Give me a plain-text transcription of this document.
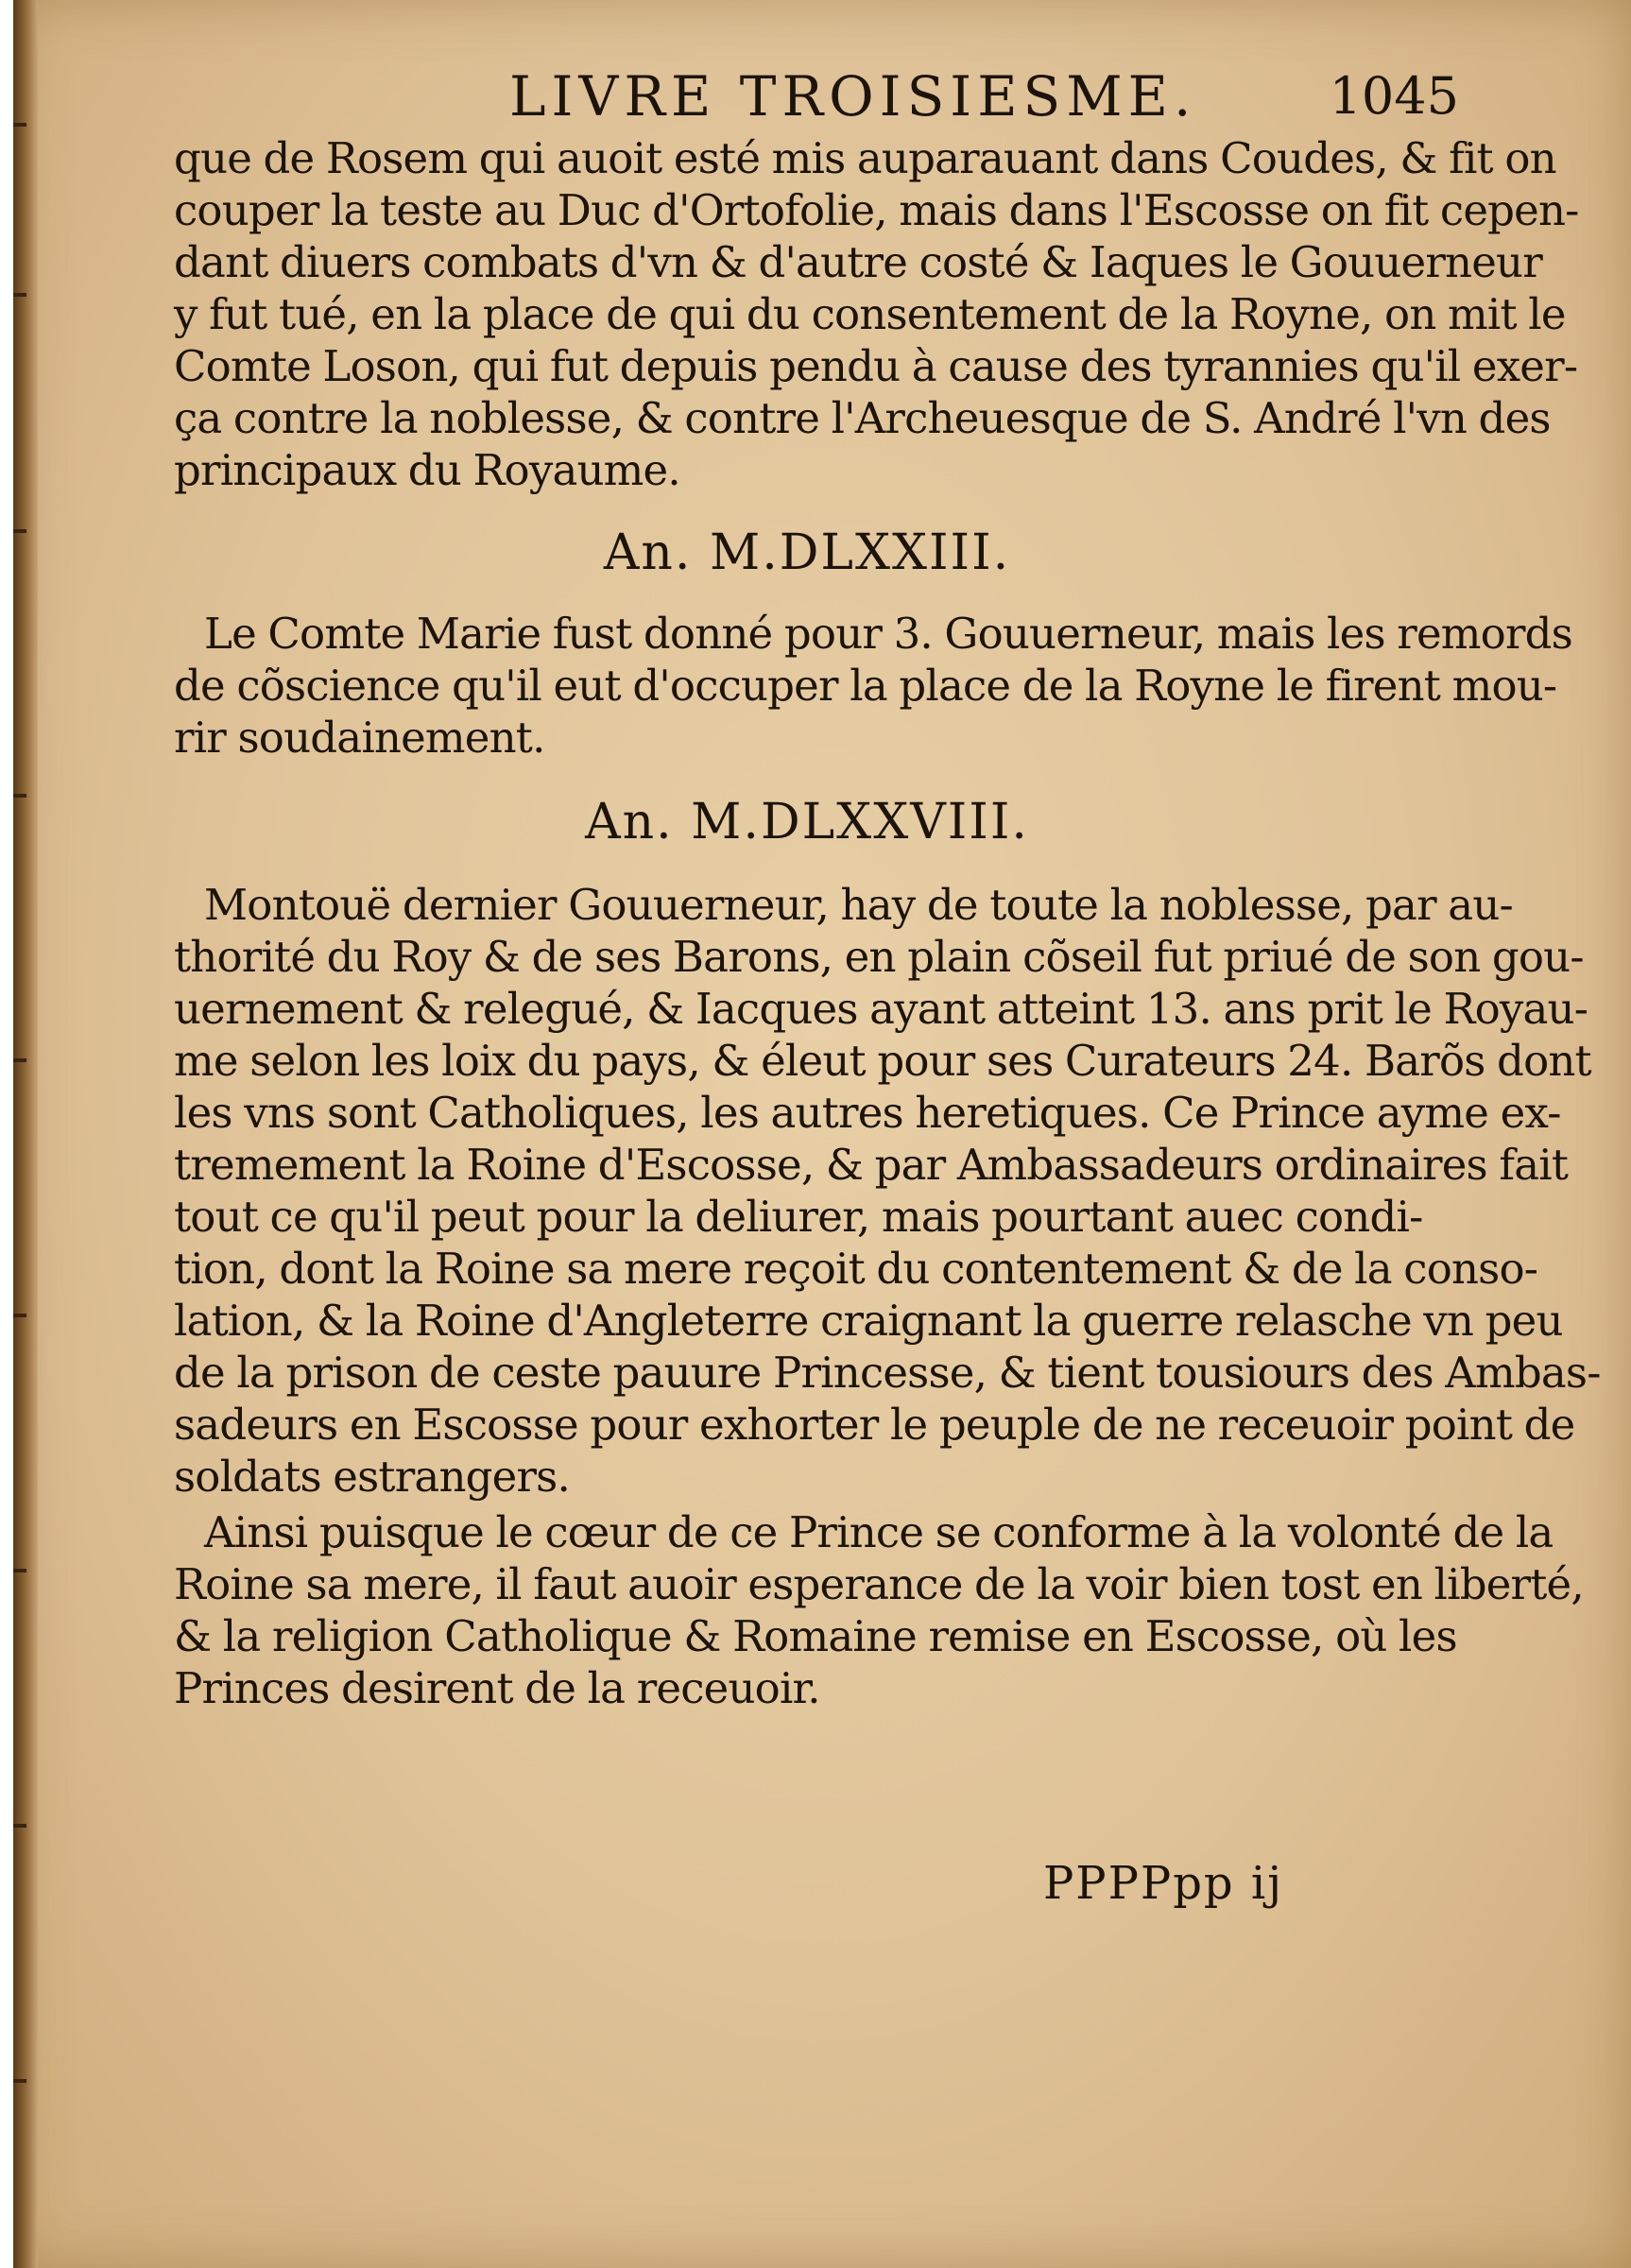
LIVRE TROISIESME.	1045
que de Rosem qui auoit esté mis auparauant dans Coudes, & fit on
couper la teste au Duc d'Ortofolie, mais dans l'Escosse on fit cepen-
dant diuers combats d'vn & d'autre costé & Iaques le Gouuerneur
y fut tué, en la place de qui du consentement de la Royne, on mit le
Comte Loson, qui fut depuis pendu à cause des tyrannies qu'il exer-
ça contre la noblesse, & contre l'Archeuesque de S. André l'vn des
principaux du Royaume.
An. M.DLXXIII.
Le Comte Marie fust donné pour 3. Gouuerneur, mais les remords
de cõscience qu'il eut d'occuper la place de la Royne le firent mou-
rir soudainement.
An. M.DLXXVIII.
Montouë dernier Gouuerneur, hay de toute la noblesse, par au-
thorité du Roy & de ses Barons, en plain cõseil fut priué de son gou-
uernement & relegué, & Iacques ayant atteint 13. ans prit le Royau-
me selon les loix du pays, & éleut pour ses Curateurs 24. Barõs dont
les vns sont Catholiques, les autres heretiques. Ce Prince ayme ex-
tremement la Roine d'Escosse, & par Ambassadeurs ordinaires fait
tout ce qu'il peut pour la deliurer, mais pourtant auec condi-
tion, dont la Roine sa mere reçoit du contentement & de la conso-
lation, & la Roine d'Angleterre craignant la guerre relasche vn peu
de la prison de ceste pauure Princesse, & tient tousiours des Ambas-
sadeurs en Escosse pour exhorter le peuple de ne receuoir point de
soldats estrangers.
Ainsi puisque le cœur de ce Prince se conforme à la volonté de la
Roine sa mere, il faut auoir esperance de la voir bien tost en liberté,
& la religion Catholique & Romaine remise en Escosse, où les
Princes desirent de la receuoir.
PPPPpp ij
